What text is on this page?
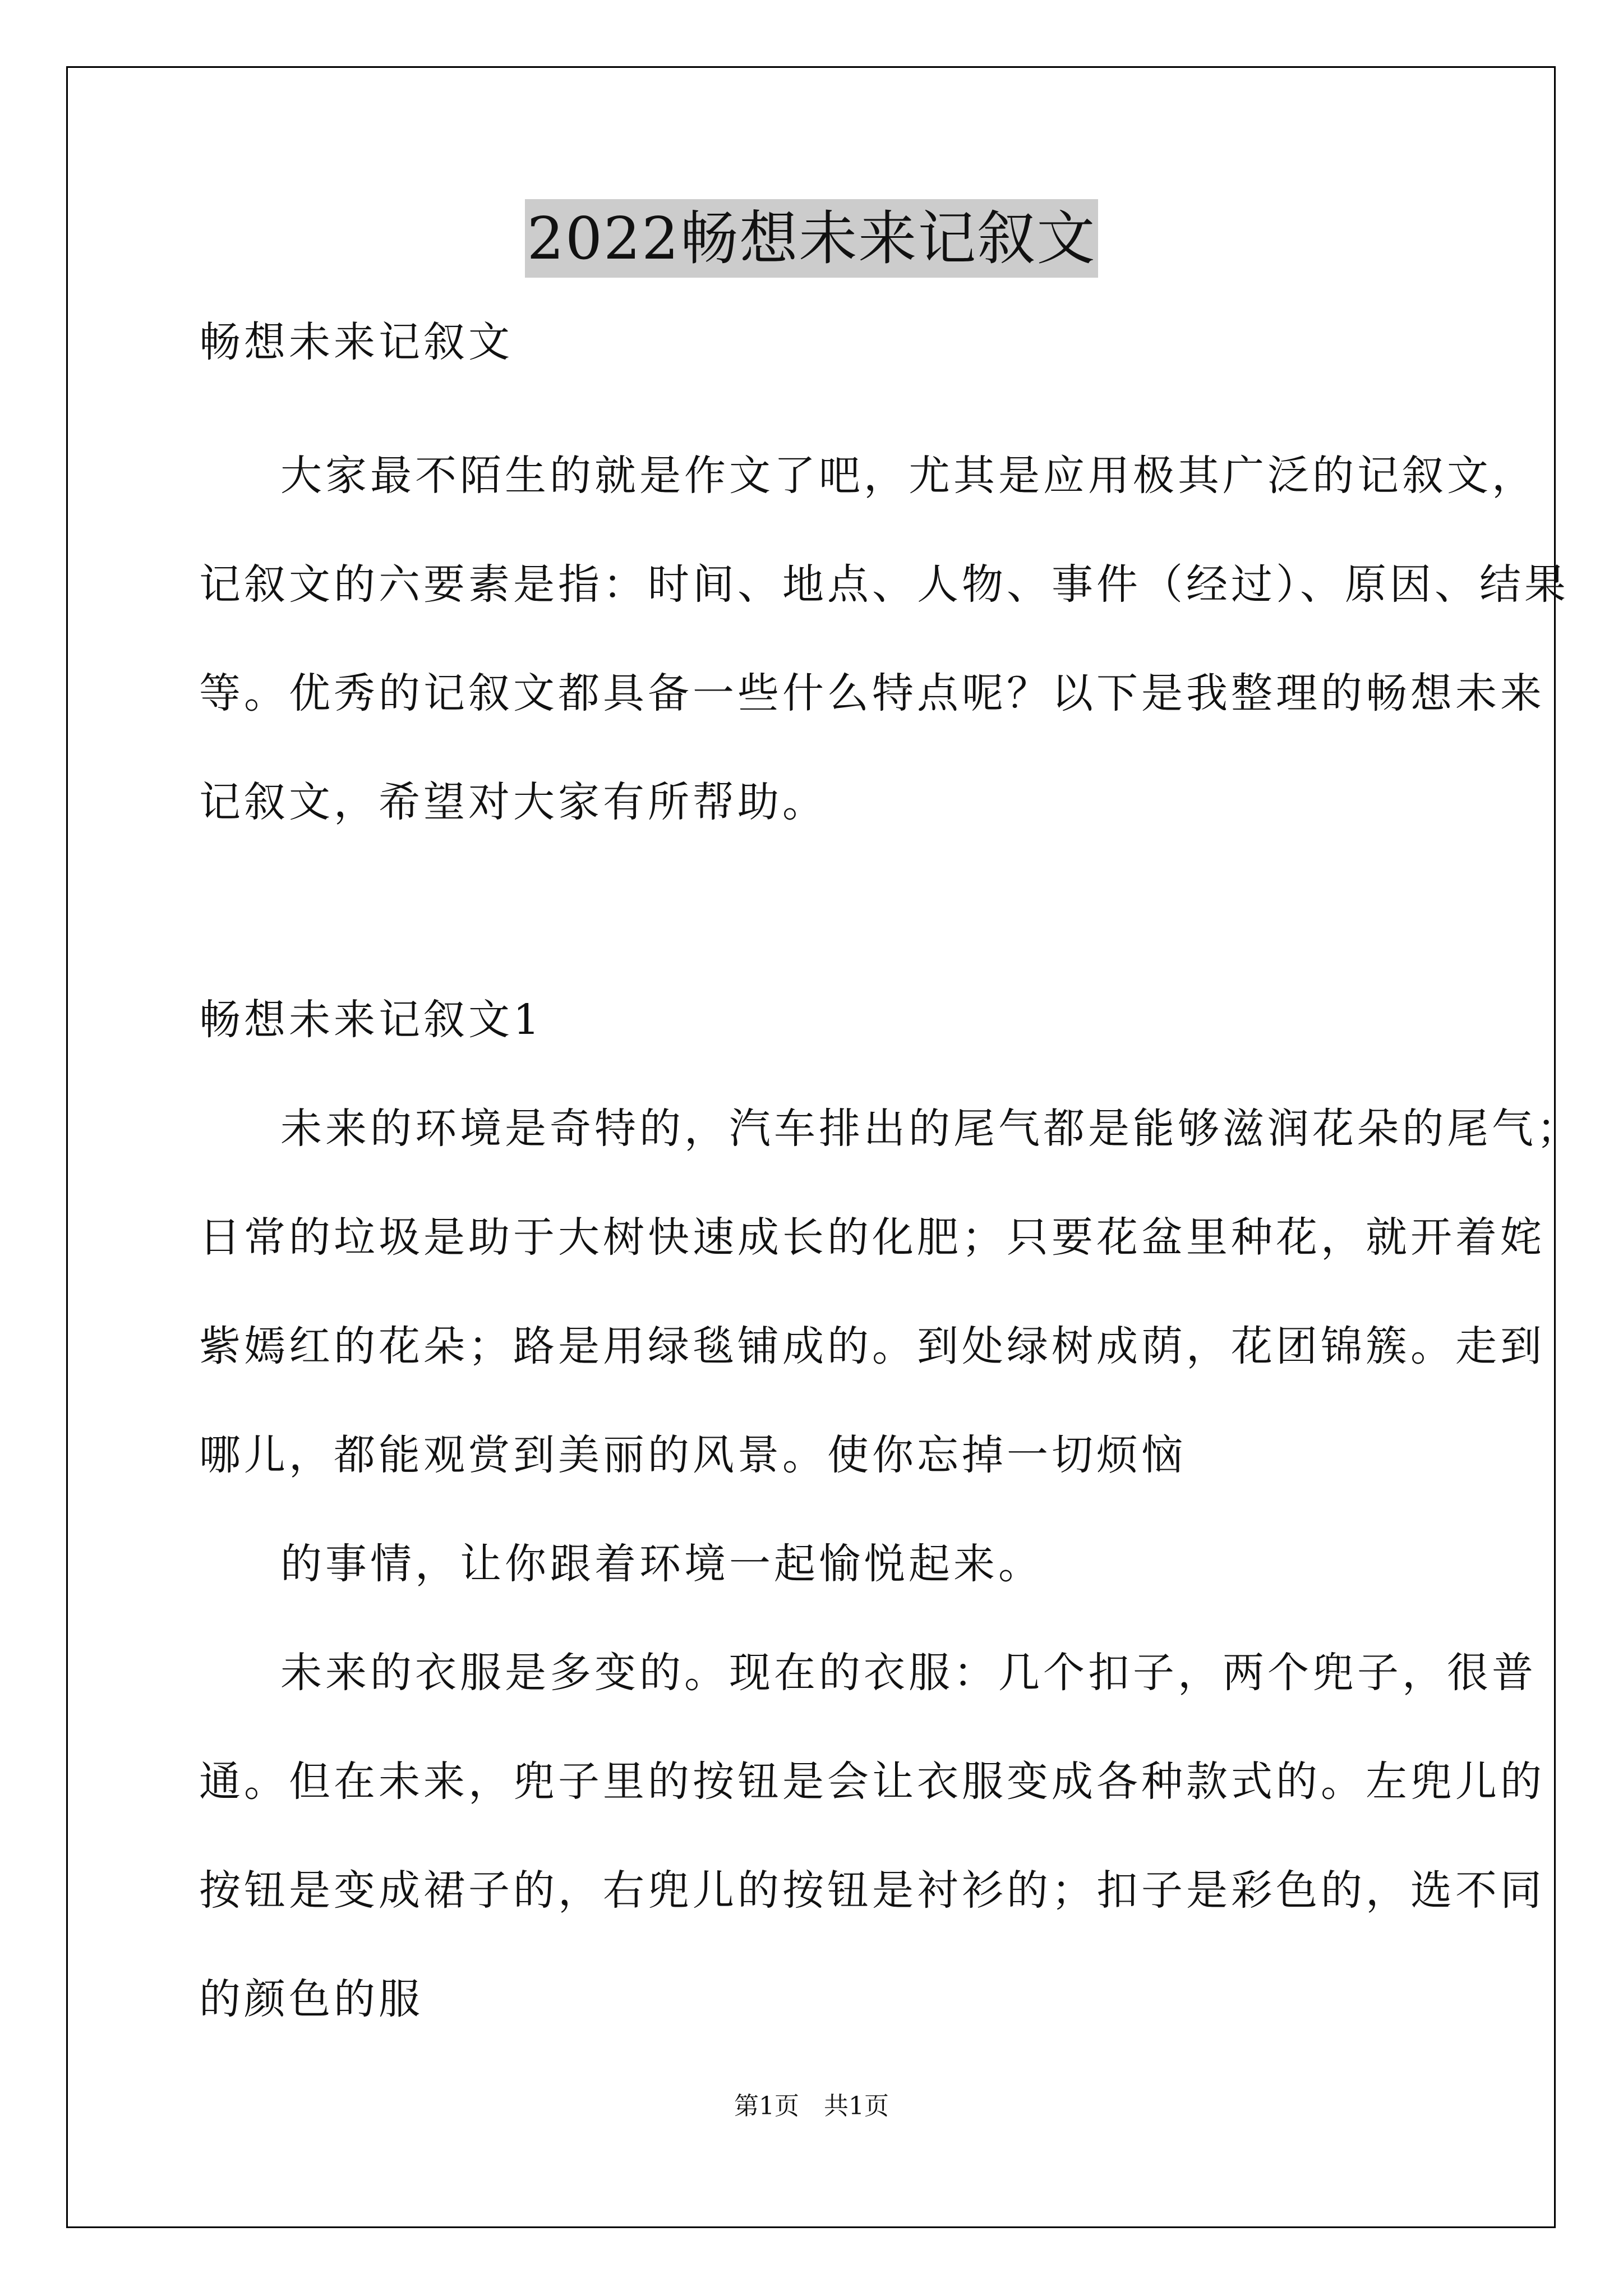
2022畅想未来记叙文
畅想未来记叙文
大家最不陌生的就是作文了吧，尤其是应用极其广泛的记叙文，
记叙文的六要素是指：时间、地点、人物、事件（经过）、原因、结果
等。优秀的记叙文都具备一些什么特点呢？以下是我整理的畅想未来
记叙文，希望对大家有所帮助。
畅想未来记叙文1
未来的环境是奇特的，汽车排出的尾气都是能够滋润花朵的尾气；
日常的垃圾是助于大树快速成长的化肥；只要花盆里种花，就开着姹
紫嫣红的花朵；路是用绿毯铺成的。到处绿树成荫，花团锦簇。走到
哪儿，都能观赏到美丽的风景。使你忘掉一切烦恼
的事情，让你跟着环境一起愉悦起来。
未来的衣服是多变的。现在的衣服：几个扣子，两个兜子，很普
通。但在未来，兜子里的按钮是会让衣服变成各种款式的。左兜儿的
按钮是变成裙子的，右兜儿的按钮是衬衫的；扣子是彩色的，选不同
的颜色的服
第1页 共1页
